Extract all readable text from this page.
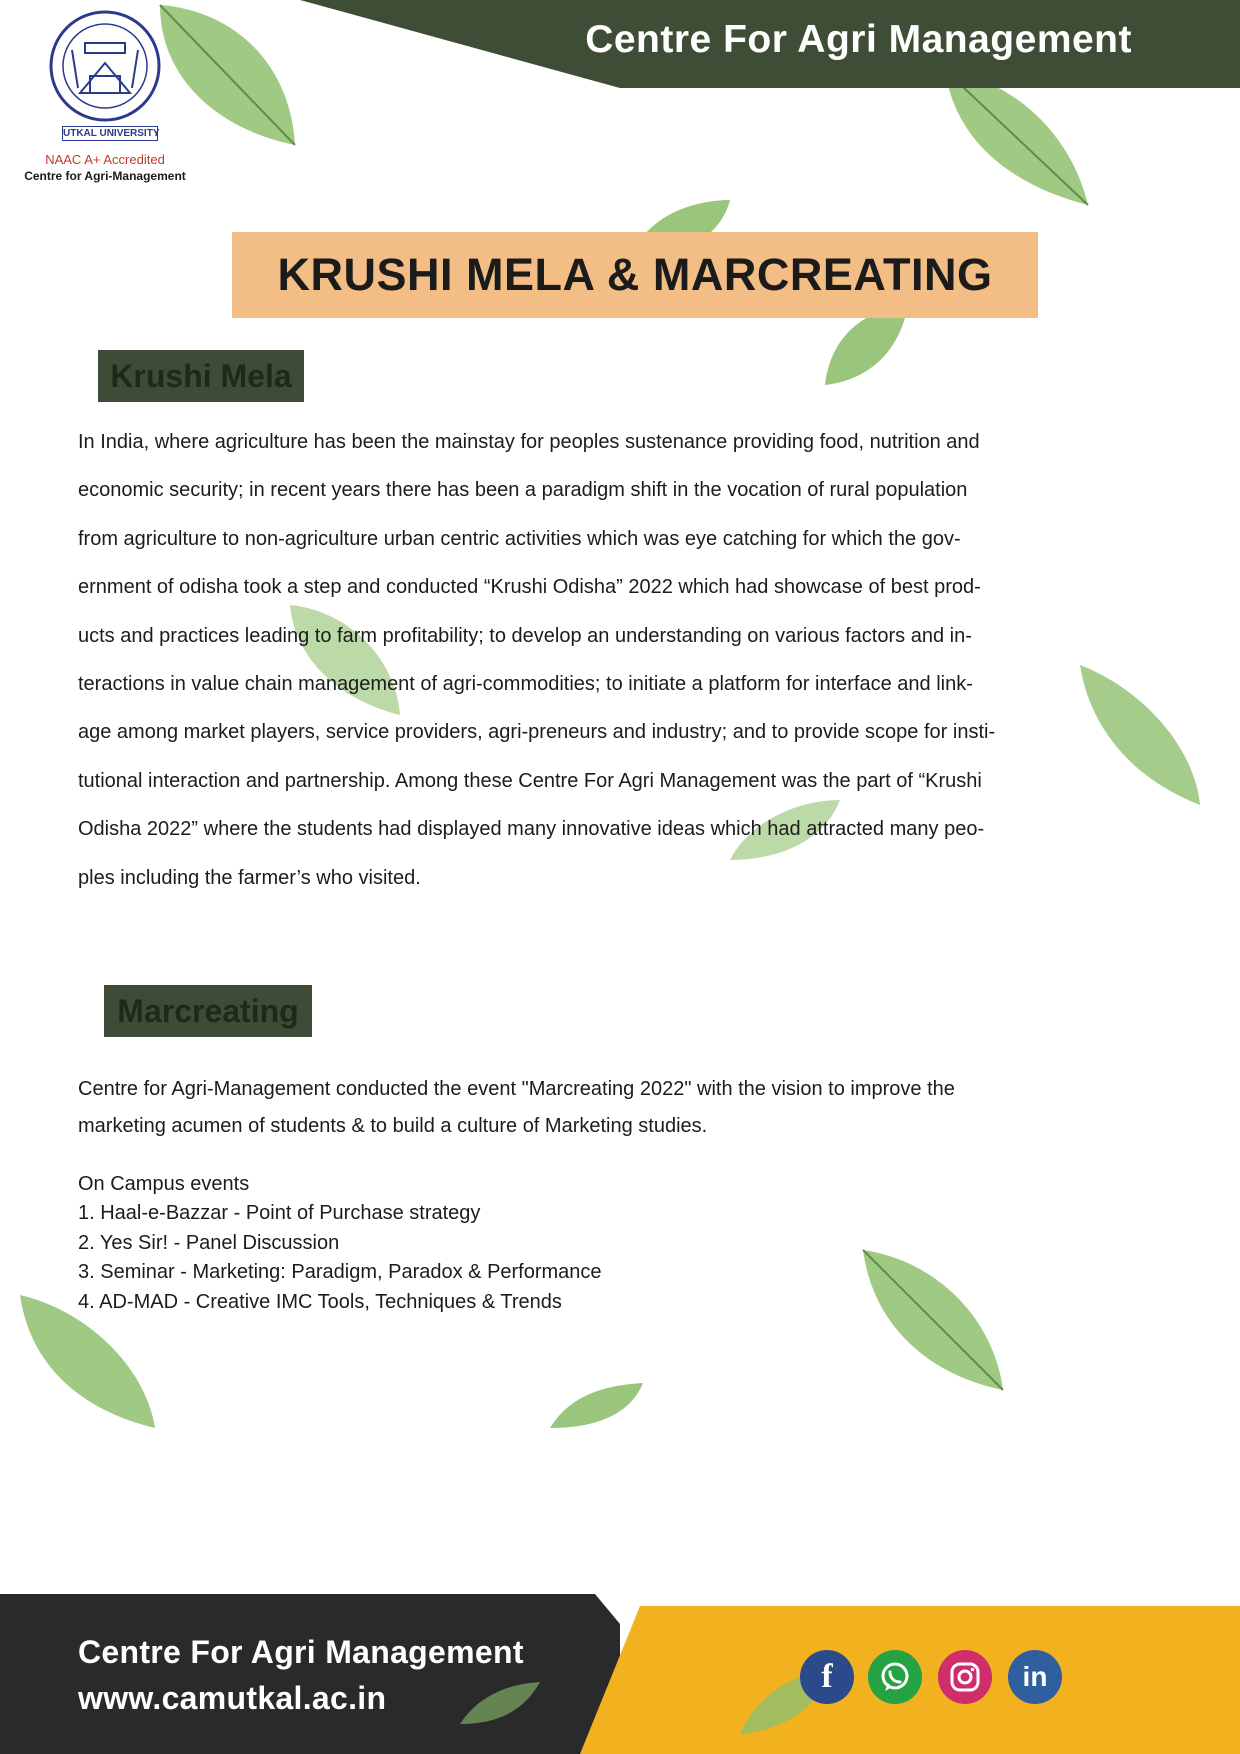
Centre For Agri Management
UTKAL UNIVERSITY
NAAC A+ Accredited
Centre for Agri-Management
KRUSHI MELA & MARCREATING
Krushi Mela
In India, where agriculture has been the mainstay for peoples sustenance providing food, nutrition and
economic security; in recent years there has been a paradigm shift in the vocation of rural population
from agriculture to non-agriculture urban centric activities which was eye catching for which the gov-
ernment of odisha took a step and conducted “Krushi Odisha” 2022 which had showcase of best prod-
ucts and practices leading to farm profitability; to develop an understanding on various factors and in-
teractions in value chain management of agri-commodities; to initiate a platform for interface and link-
age among market players, service providers, agri-preneurs and industry; and to provide scope for insti-
tutional interaction and partnership. Among these Centre For Agri Management was the part of “Krushi
Odisha 2022” where the students had displayed many innovative ideas which had attracted many peo-
ples including the farmer’s who visited.
Marcreating
Centre for Agri-Management conducted the event "Marcreating 2022" with the vision to improve the
marketing acumen of students & to build a culture of Marketing studies.
On Campus events
1. Haal-e-Bazzar - Point of Purchase strategy
2. Yes Sir! - Panel Discussion
3. Seminar - Marketing: Paradigm, Paradox & Performance
4. AD-MAD - Creative IMC Tools, Techniques & Trends
Centre For Agri Management
www.camutkal.ac.in
f	in
